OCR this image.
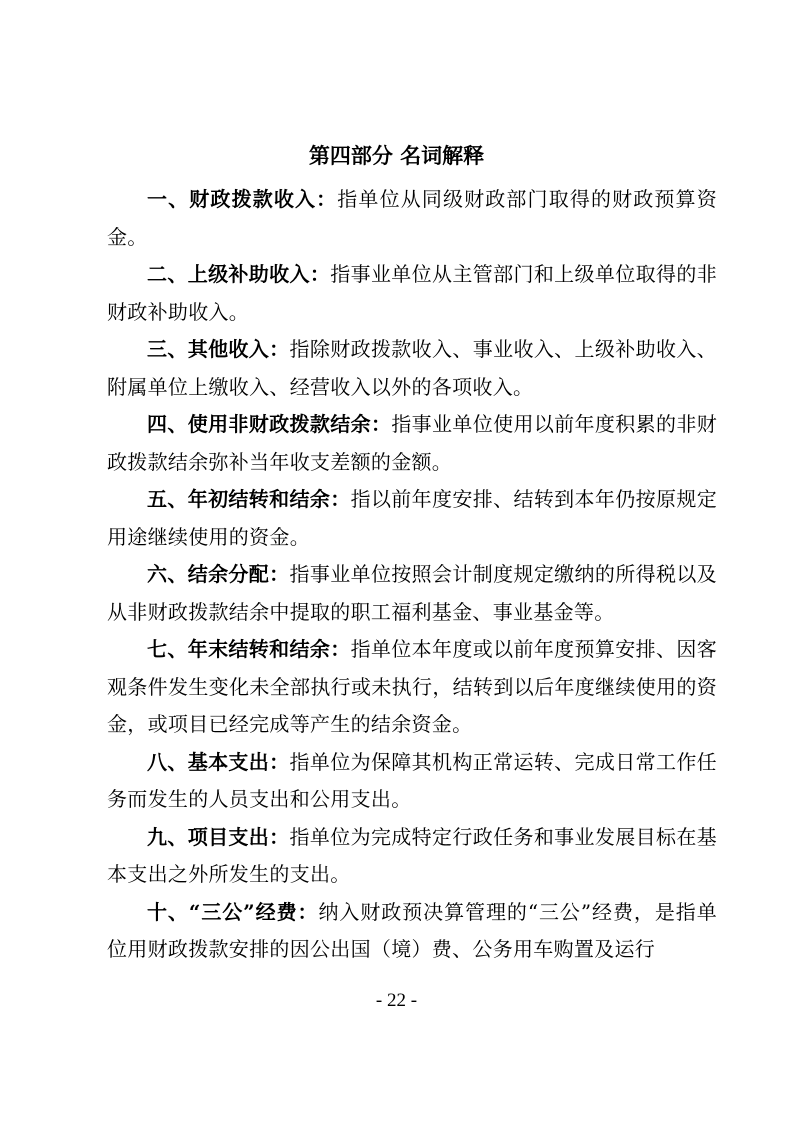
第四部分 名词解释

一、财政拨款收入：指单位从同级财政部门取得的财政预算资金。

二、上级补助收入：指事业单位从主管部门和上级单位取得的非财政补助收入。

三、其他收入：指除财政拨款收入、事业收入、上级补助收入、附属单位上缴收入、经营收入以外的各项收入。

四、使用非财政拨款结余：指事业单位使用以前年度积累的非财政拨款结余弥补当年收支差额的金额。

五、年初结转和结余：指以前年度安排、结转到本年仍按原规定用途继续使用的资金。

六、结余分配：指事业单位按照会计制度规定缴纳的所得税以及从非财政拨款结余中提取的职工福利基金、事业基金等。

七、年末结转和结余：指单位本年度或以前年度预算安排、因客观条件发生变化未全部执行或未执行，结转到以后年度继续使用的资金，或项目已经完成等产生的结余资金。

八、基本支出：指单位为保障其机构正常运转、完成日常工作任务而发生的人员支出和公用支出。

九、项目支出：指单位为完成特定行政任务和事业发展目标在基本支出之外所发生的支出。

十、“三公”经费：纳入财政预决算管理的“三公”经费，是指单位用财政拨款安排的因公出国（境）费、公务用车购置及运行

- 22 -
